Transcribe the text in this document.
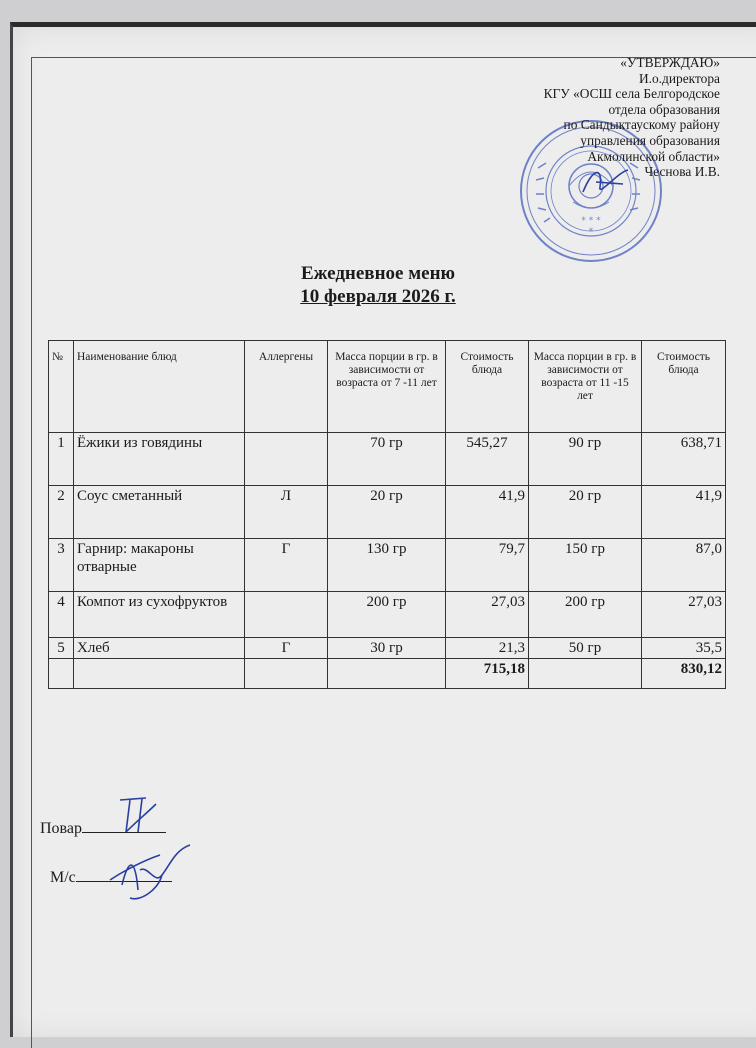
* * *
*
«УТВЕРЖДАЮ»
И.о.директора
КГУ «ОСШ села Белгородское
отдела образования
по Сандыктаускому району
управления образования
Акмолинской области»
Чеснова И.В.
Ежедневное меню
10 февраля 2026 г.
№	Наименование блюд	Аллергены	Масса порции в гр. в зависимости от возраста от 7 -11 лет	Стоимость блюда	Масса порции в гр. в зависимости от возраста от 11 -15 лет	Стоимость блюда
1	Ёжики из говядины		70 гр	545,27	90 гр	638,71
2	Соус сметанный	Л	20 гр	41,9	20 гр	41,9
3	Гарнир: макароны отварные	Г	130 гр	79,7	150 гр	87,0
4	Компот из сухофруктов		200 гр	27,03	200 гр	27,03
5	Хлеб	Г	30 гр	21,3	50 гр	35,5
				715,18		830,12
Повар
М/с
